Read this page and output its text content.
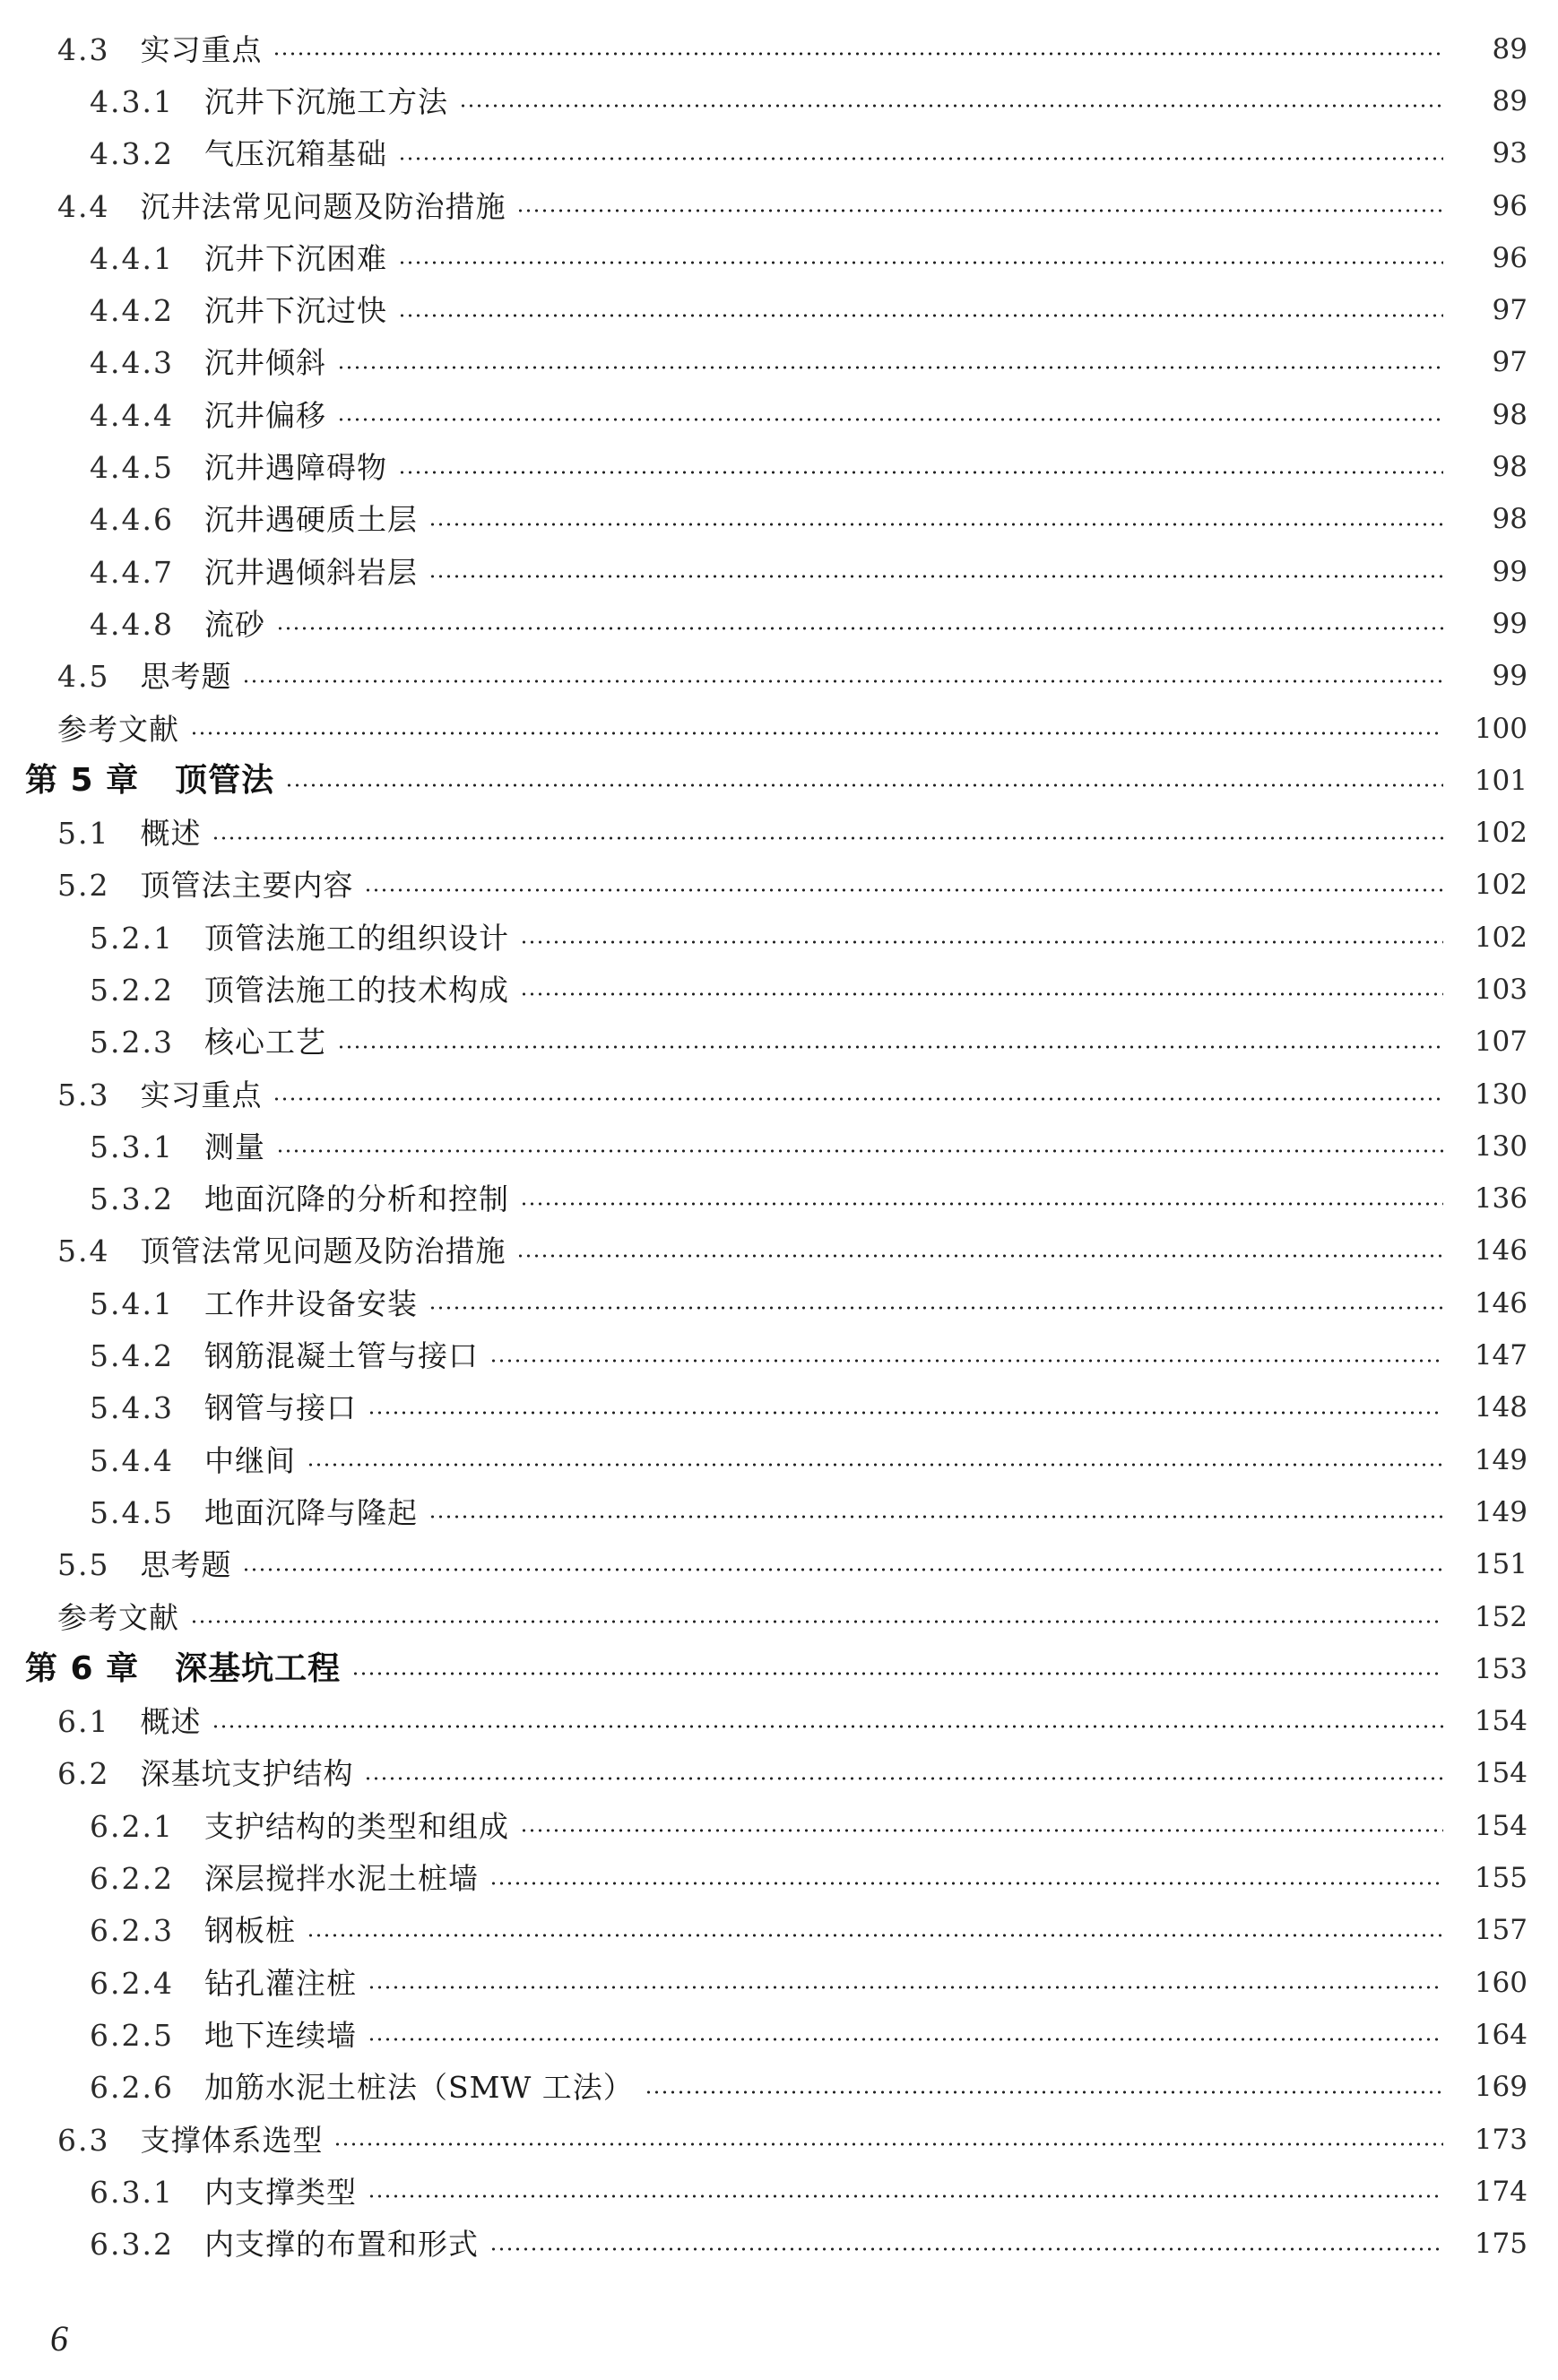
4.3 实习重点	89
4.3.1 沉井下沉施工方法	89
4.3.2 气压沉箱基础	93
4.4 沉井法常见问题及防治措施	96
4.4.1 沉井下沉困难	96
4.4.2 沉井下沉过快	97
4.4.3 沉井倾斜	97
4.4.4 沉井偏移	98
4.4.5 沉井遇障碍物	98
4.4.6 沉井遇硬质土层	98
4.4.7 沉井遇倾斜岩层	99
4.4.8 流砂	99
4.5 思考题	99
参考文献	100
第 5 章 顶管法	101
5.1 概述	102
5.2 顶管法主要内容	102
5.2.1 顶管法施工的组织设计	102
5.2.2 顶管法施工的技术构成	103
5.2.3 核心工艺	107
5.3 实习重点	130
5.3.1 测量	130
5.3.2 地面沉降的分析和控制	136
5.4 顶管法常见问题及防治措施	146
5.4.1 工作井设备安装	146
5.4.2 钢筋混凝土管与接口	147
5.4.3 钢管与接口	148
5.4.4 中继间	149
5.4.5 地面沉降与隆起	149
5.5 思考题	151
参考文献	152
第 6 章 深基坑工程	153
6.1 概述	154
6.2 深基坑支护结构	154
6.2.1 支护结构的类型和组成	154
6.2.2 深层搅拌水泥土桩墙	155
6.2.3 钢板桩	157
6.2.4 钻孔灌注桩	160
6.2.5 地下连续墙	164
6.2.6 加筋水泥土桩法（SMW 工法）	169
6.3 支撑体系选型	173
6.3.1 内支撑类型	174
6.3.2 内支撑的布置和形式	175
6
